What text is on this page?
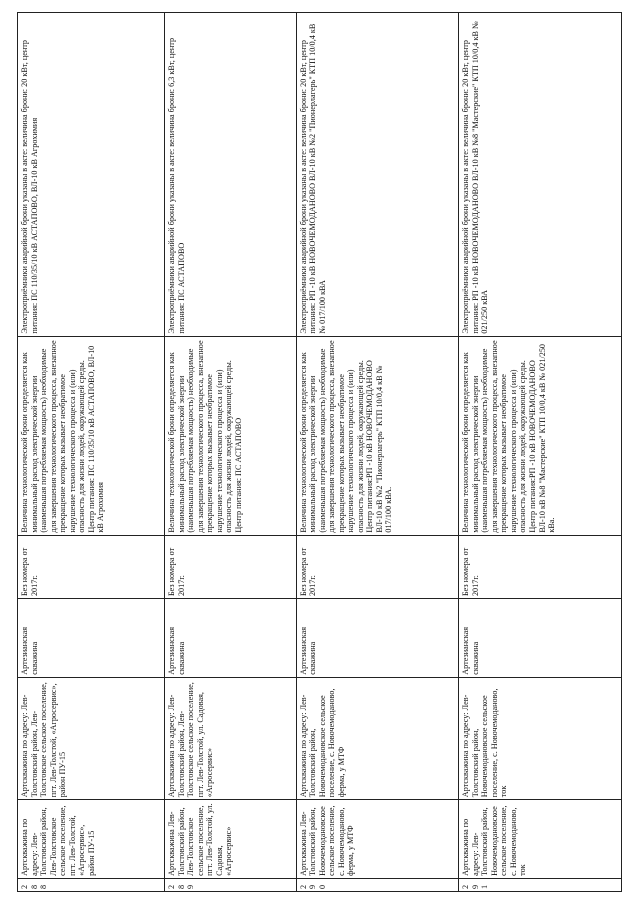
288	Артскважина по адресу: Лев-Толстовский район, Лев-Толстовское сельское поселение, пгт. Лев-Толстой, «Агросервис», район ПУ-15	Артскважина по адресу: Лев-Толстовский район, Лев-Толстовское сельское поселение, пгт. Лев-Толстой, «Агросервис», район ПУ-15	Артезианская скважина	Без номера от 2017г.	Величина технологической брони определяется как минимальный расход электрической энергии (наименьшая потребляемая мощность) необходимые для завершения технологического процесса, внезапное прекращение которых вызывает необратимое нарушение технологического процесса и (или) опасность для жизни людей, окружающей среды. Центр питания: ПС 110/35/10 кВ АСТАПОВО, ВЛ-10 кВ Агрохимия	Электроприёмники аварийной брони указаны в акте: величина брони: 20 кВт, центр питания: ПС 110/35/10 кВ АСТАПОВО, ВЛ-10 кВ Агрохимия
289	Артскважина Лев-Толстовский район, Лев-Толстовское сельское поселение, пгт. Лев-Толстой, ул. Садовая, «Агросервис»	Артскважина по адресу: Лев-Толстовский район, Лев-Толстовское сельское поселение, пгт. Лев-Толстой, ул. Садовая, «Агросервис»	Артезианская скважина	Без номера от 2017г.	Величина технологической брони определяется как минимальный расход электрической энергии (наименьшая потребляемая мощность) необходимые для завершения технологического процесса, внезапное прекращение которых вызывает необратимое нарушение технологического процесса и (или) опасность для жизни людей, окружающей среды. Центр питания: ПС АСТАПОВО	Электроприёмники аварийной брони указаны в акте: величина брони: 6,3 кВт, центр питания: ПС АСТАПОВО
290	Артскважина Лев-Толстовский район, Новочемодановское сельское поселение, с. Новочемоданово, ферма, у МТФ	Артскважина по адресу: Лев-Толстовский район, Новочемодановское сельское поселение, с. Новочемоданово, ферма, у МТФ	Артезианская скважина	Без номера от 2017г.	Величина технологической брони определяется как минимальный расход электрической энергии (наименьшая потребляемая мощность) необходимые для завершения технологического процесса, внезапное прекращение которых вызывает необратимое нарушение технологического процесса и (или) опасность для жизни людей, окружающей среды. Центр питания:РП -10 кВ НОВОЧЕМОДАНОВО ВЛ-10 кВ №2 "Пионерлагерь" КТП 10/0,4 кВ № 017/100 кВА.	Электроприёмники аварийной брони указаны в акте: величина брони: 20 кВт, центр питания: РП -10 кВ НОВОЧЕМОДАНОВО ВЛ-10 кВ №2 "Пионерлагерь" КТП 10/0,4 кВ № 017/100 кВА
291	Артскважина по адресу: Лев-Толстовский район, Новочемодановское сельское поселение, с. Новочемоданово, ток	Артскважина по адресу: Лев-Толстовский район, Новочемодановское сельское поселение, с. Новочемоданово, ток	Артезианская скважина	Без номера от 2017г.	Величина технологической брони определяется как минимальный расход электрической энергии (наименьшая потребляемая мощность) необходимые для завершения технологического процесса, внезапное прекращение которых вызывает необратимое нарушение технологического процесса и (или) опасность для жизни людей, окружающей среды. Центр питания:РП -10 кВ НОВОЧЕМОДАНОВО ВЛ-10 кВ №8 "Мастерские" КТП 10/0,4 кВ № 021/250 кВа.	Электроприёмники аварийной брони указаны в акте: величина брони: 20 кВт, центр питания: РП -10 кВ НОВОЧЕМОДАНОВО ВЛ-10 кВ №8 "Мастерские" КТП 10/0,4 кВ № 021/250 кВА
